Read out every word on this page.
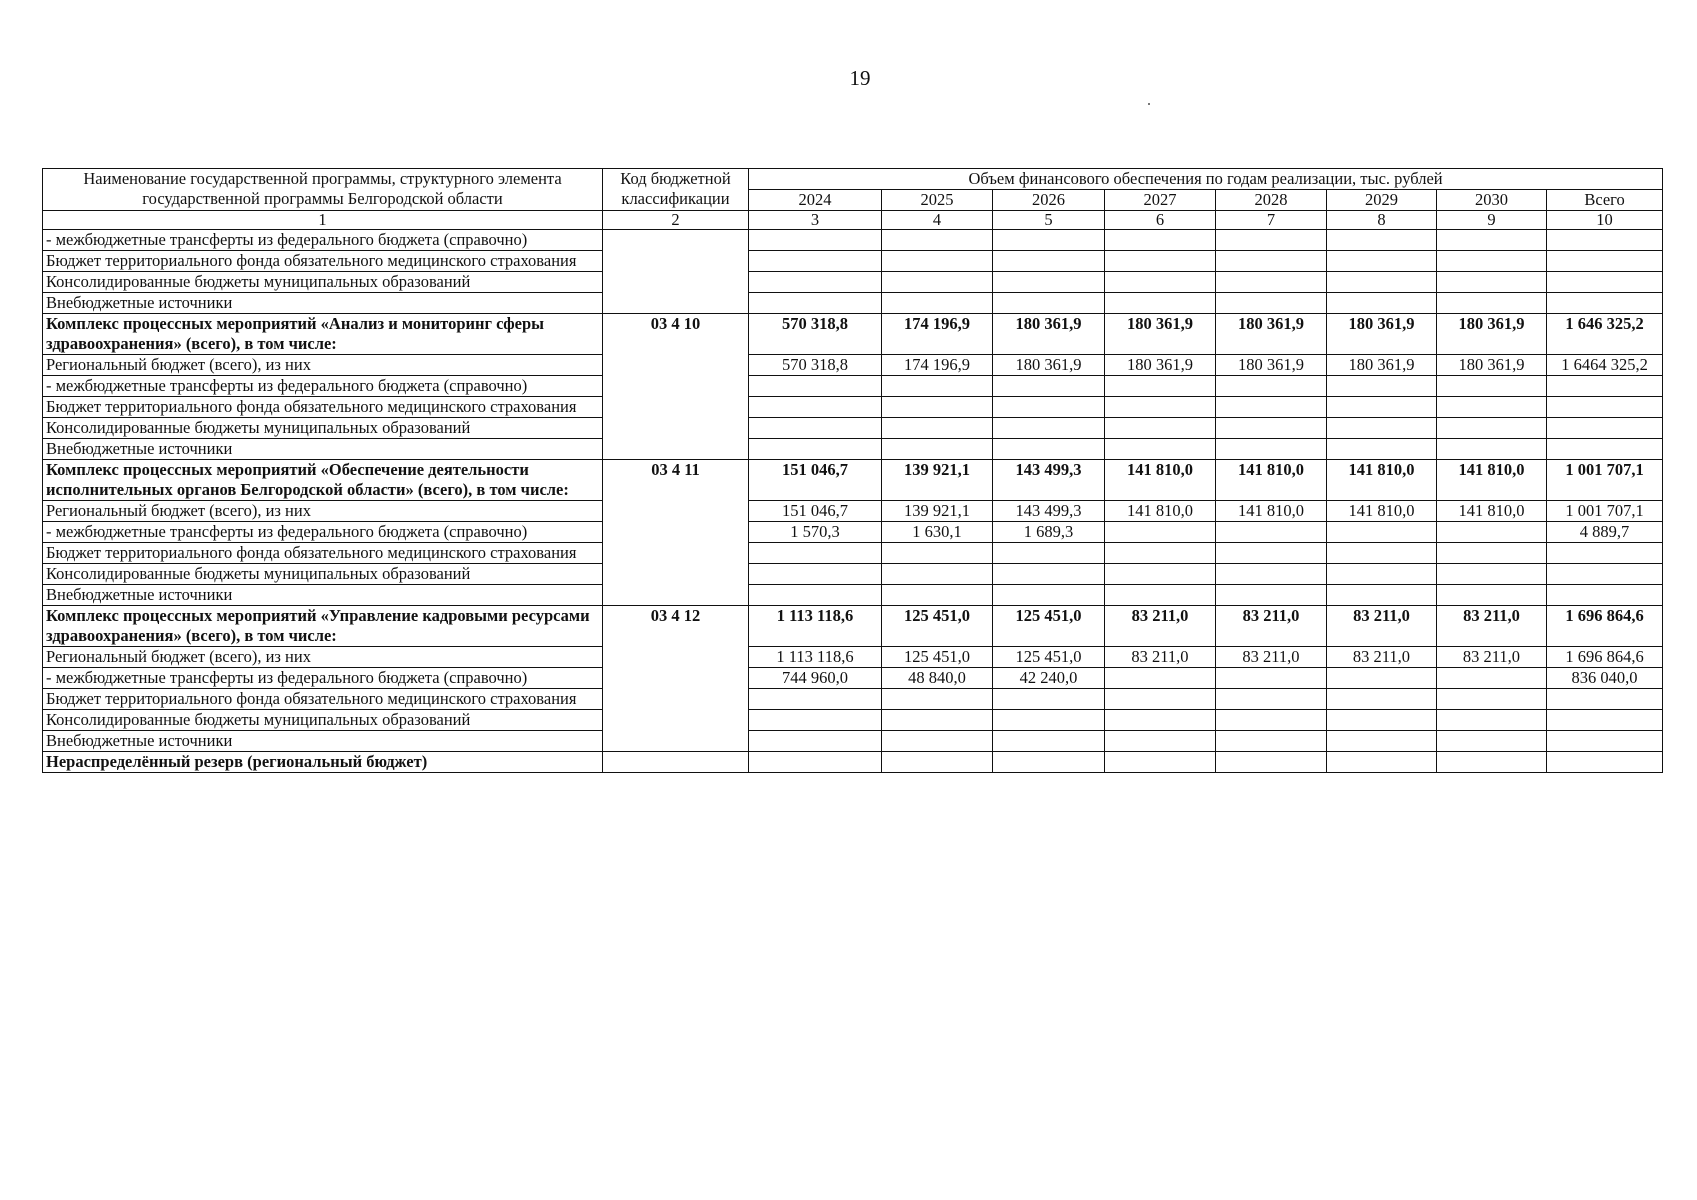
19
Наименование государственной программы, структурного элемента государственной программы Белгородской области	Код бюджетной классификации	Объем финансового обеспечения по годам реализации, тыс. рублей							
		2024	2025	2026	2027	2028	2029	2030	Всего
1	2	3	4	5	6	7	8	9	10
- межбюджетные трансферты из федерального бюджета (справочно)									
Бюджет территориального фонда обязательного медицинского страхования									
Консолидированные бюджеты муниципальных образований									
Внебюджетные источники									
Комплекс процессных мероприятий «Анализ и мониторинг сферы здравоохранения» (всего), в том числе:	03 4 10	570 318,8	174 196,9	180 361,9	180 361,9	180 361,9	180 361,9	180 361,9	1 646 325,2
Региональный бюджет (всего), из них		570 318,8	174 196,9	180 361,9	180 361,9	180 361,9	180 361,9	180 361,9	1 6464 325,2
- межбюджетные трансферты из федерального бюджета (справочно)									
Бюджет территориального фонда обязательного медицинского страхования									
Консолидированные бюджеты муниципальных образований									
Внебюджетные источники									
Комплекс процессных мероприятий «Обеспечение деятельности исполнительных органов Белгородской области» (всего), в том числе:	03 4 11	151 046,7	139 921,1	143 499,3	141 810,0	141 810,0	141 810,0	141 810,0	1 001 707,1
Региональный бюджет (всего), из них		151 046,7	139 921,1	143 499,3	141 810,0	141 810,0	141 810,0	141 810,0	1 001 707,1
- межбюджетные трансферты из федерального бюджета (справочно)		1 570,3	1 630,1	1 689,3					4 889,7
Бюджет территориального фонда обязательного медицинского страхования									
Консолидированные бюджеты муниципальных образований									
Внебюджетные источники									
Комплекс процессных мероприятий «Управление кадровыми ресурсами здравоохранения» (всего), в том числе:	03 4 12	1 113 118,6	125 451,0	125 451,0	83 211,0	83 211,0	83 211,0	83 211,0	1 696 864,6
Региональный бюджет (всего), из них		1 113 118,6	125 451,0	125 451,0	83 211,0	83 211,0	83 211,0	83 211,0	1 696 864,6
- межбюджетные трансферты из федерального бюджета (справочно)		744 960,0	48 840,0	42 240,0					836 040,0
Бюджет территориального фонда обязательного медицинского страхования									
Консолидированные бюджеты муниципальных образований									
Внебюджетные источники									
Нераспределённый резерв (региональный бюджет)									
